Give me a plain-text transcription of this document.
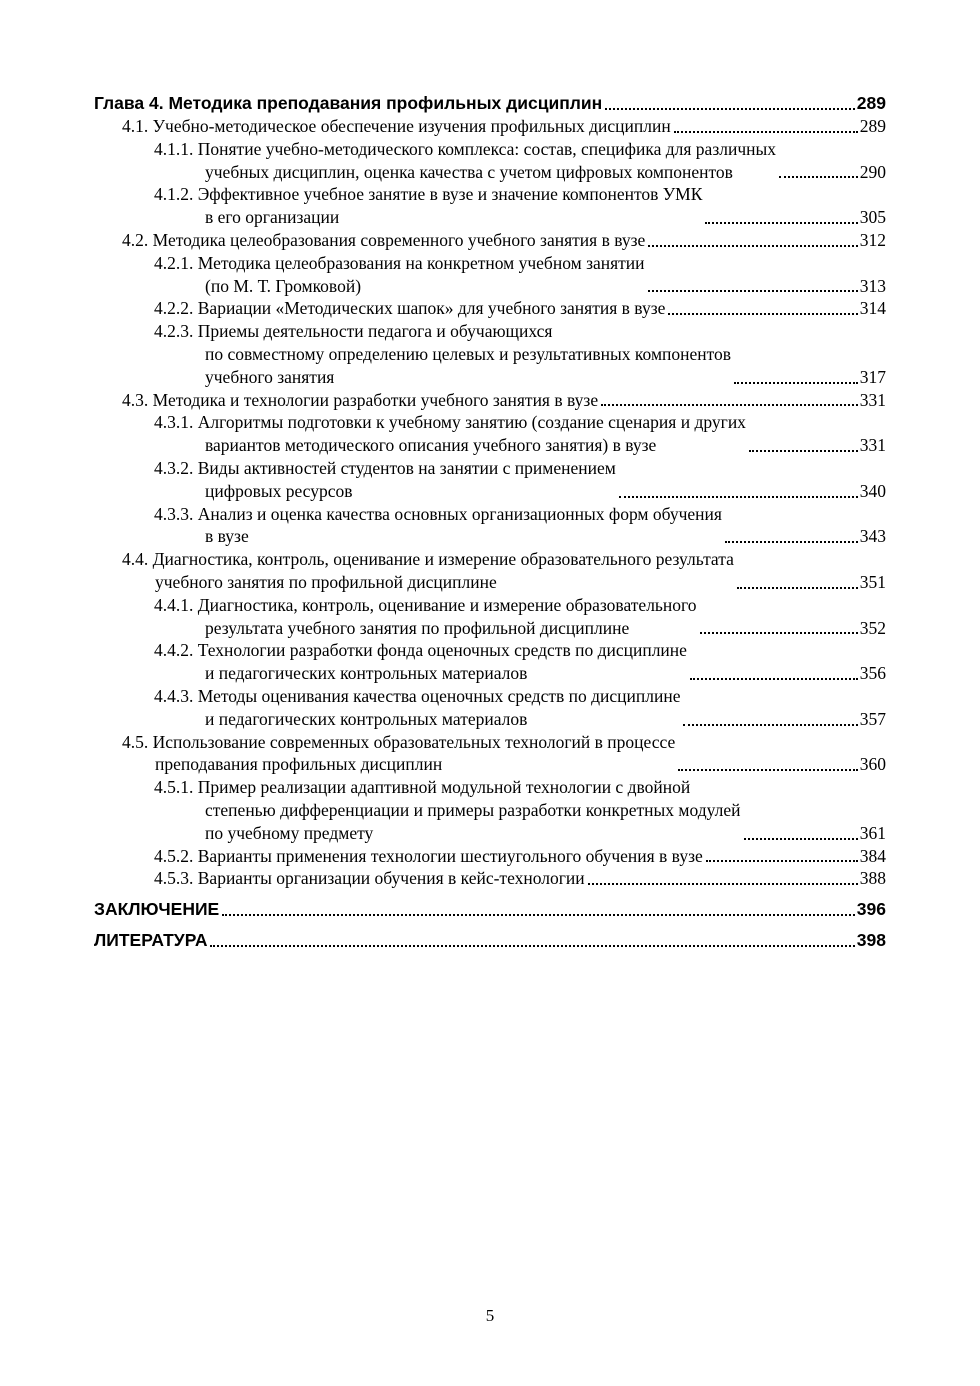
Глава 4. Методика преподавания профильных дисциплин	289
4.1. Учебно-методическое обеспечение изучения профильных дисциплин	289
4.1.1. Понятие учебно-методического комплекса: состав, специфика для различных
учебных дисциплин, оценка качества с учетом цифровых компонентов	290
4.1.2. Эффективное учебное занятие в вузе и значение компонентов УМК
в его организации	305
4.2. Методика целеобразования современного учебного занятия в вузе	312
4.2.1. Методика целеобразования на конкретном учебном занятии
(по М. Т. Громковой)	313
4.2.2. Вариации «Методических шапок» для учебного занятия в вузе	314
4.2.3. Приемы деятельности педагога и обучающихся
по совместному определению целевых и результативных компонентов
учебного занятия	317
4.3. Методика и технологии разработки учебного занятия в вузе	331
4.3.1. Алгоритмы подготовки к учебному занятию (создание сценария и других
вариантов методического описания учебного занятия) в вузе	331
4.3.2. Виды активностей студентов на занятии с применением
цифровых ресурсов	340
4.3.3. Анализ и оценка качества основных организационных форм обучения
в вузе	343
4.4. Диагностика, контроль, оценивание и измерение образовательного результата
учебного занятия по профильной дисциплине	351
4.4.1. Диагностика, контроль, оценивание и измерение образовательного
результата учебного занятия по профильной дисциплине	352
4.4.2. Технологии разработки фонда оценочных средств по дисциплине
и педагогических контрольных материалов	356
4.4.3. Методы оценивания качества оценочных средств по дисциплине
и педагогических контрольных материалов	357
4.5. Использование современных образовательных технологий в процессе
преподавания профильных дисциплин	360
4.5.1. Пример реализации адаптивной модульной технологии с двойной
степенью дифференциации и примеры разработки конкретных модулей
по учебному предмету	361
4.5.2. Варианты применения технологии шестиугольного обучения в вузе	384
4.5.3. Варианты организации обучения в кейс-технологии	388
ЗАКЛЮЧЕНИЕ	396
ЛИТЕРАТУРА	398
5
